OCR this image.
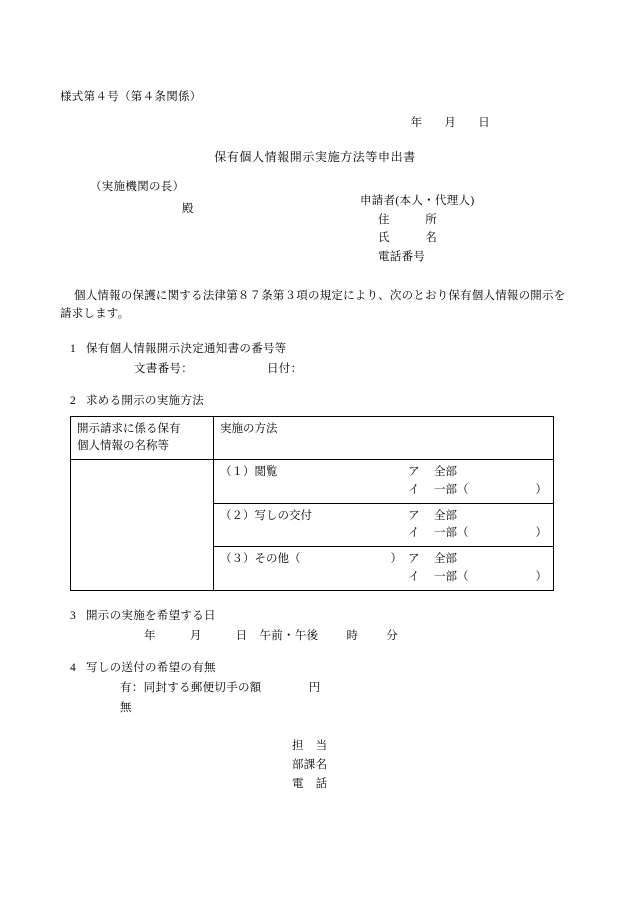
様式第４号（第４条関係）
年 月 日
保有個人情報開示実施方法等申出書
（実施機関の長）
殿
申請者(本人・代理人)
住　　　所
氏　　　名
電話番号
個人情報の保護に関する法律第８７条第３項の規定により、次のとおり保有個人情報の開示を請求します。
1 保有個人情報開示決定通知書の番号等
文書番号：	日付：
2 求める開示の実施方法
開示請求に係る保有
個人情報の名称等	実施の方法

（１）閲覧	ア	全部
イ	一部（	）

（２）写しの交付	ア	全部
イ	一部（	）

（３）その他（	） ア	全部
イ	一部（	）
3 開示の実施を希望する日
年	月	日 午前・午後 時 分
4 写しの送付の希望の有無
有：同封する郵便切手の額　　　　円
無
担　当
部課名
電　話
